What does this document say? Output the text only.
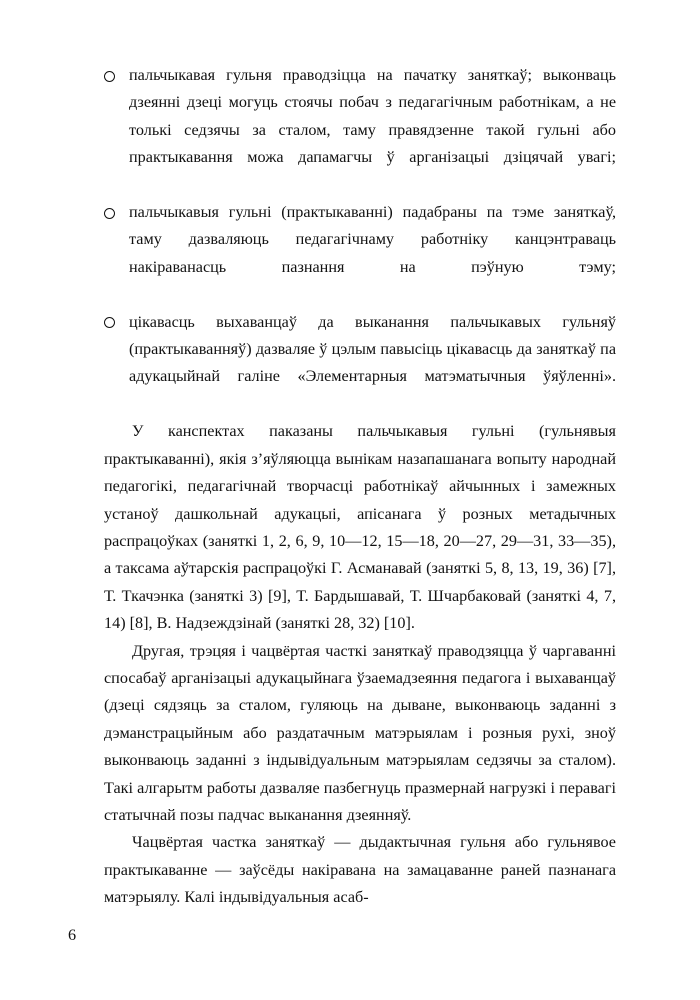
пальчыкавая гульня праводзіцца на пачатку заняткаў; выконваць дзеянні дзеці могуць стоячы побач з педагагічным работнікам, а не толькі седзячы за сталом, таму правядзенне такой гульні або практыкавання можа дапамагчы ў арганізацыі дзіцячай увагі;
пальчыкавыя гульні (практыкаванні) падабраны па тэме заняткаў, таму дазваляюць педагагічнаму работніку канцэнтраваць накіраванасць пазнання на пэўную тэму;
цікавасць выхаванцаў да выканання пальчыкавых гульняў (практыкаванняў) дазваляе ў цэлым павысіць цікавасць да заняткаў па адукацыйнай галіне «Элементарныя матэматычныя ўяўленні».

У канспектах паказаны пальчыкавыя гульні (гульнявыя практыкаванні), якія з’яўляюцца вынікам назапашанага вопыту народнай педагогікі, педагагічнай творчасці работнікаў айчынных і замежных устаноў дашкольнай адукацыі, апісанага ў розных метадычных распрацоўках (заняткі 1, 2, 6, 9, 10—12, 15—18, 20—27, 29—31, 33—35), а таксама аўтарскія распрацоўкі Г. Асманавай (заняткі 5, 8, 13, 19, 36) [7], Т. Ткачэнка (заняткі 3) [9], Т. Бардышавай, Т. Шчарбаковай (заняткі 4, 7, 14) [8], В. Надзеждзінай (заняткі 28, 32) [10].

Другая, трэцяя і чацвёртая часткі заняткаў праводзяцца ў чаргаванні спосабаў арганізацыі адукацыйнага ўзаемадзеяння педагога і выхаванцаў (дзеці сядзяць за сталом, гуляюць на дыване, выконваюць заданні з дэманстрацыйным або раздатачным матэрыялам і розныя рухі, зноў выконваюць заданні з індывідуальным матэрыялам седзячы за сталом). Такі алгарытм работы дазваляе пазбегнуць празмернай нагрузкі і перавагі статычнай позы падчас выканання дзеянняў.

Чацвёртая частка заняткаў — дыдактычная гульня або гульнявое практыкаванне — заўсёды накіравана на замацаванне раней пазнанага матэрыялу. Калі індывідуальныя асаб-

6
